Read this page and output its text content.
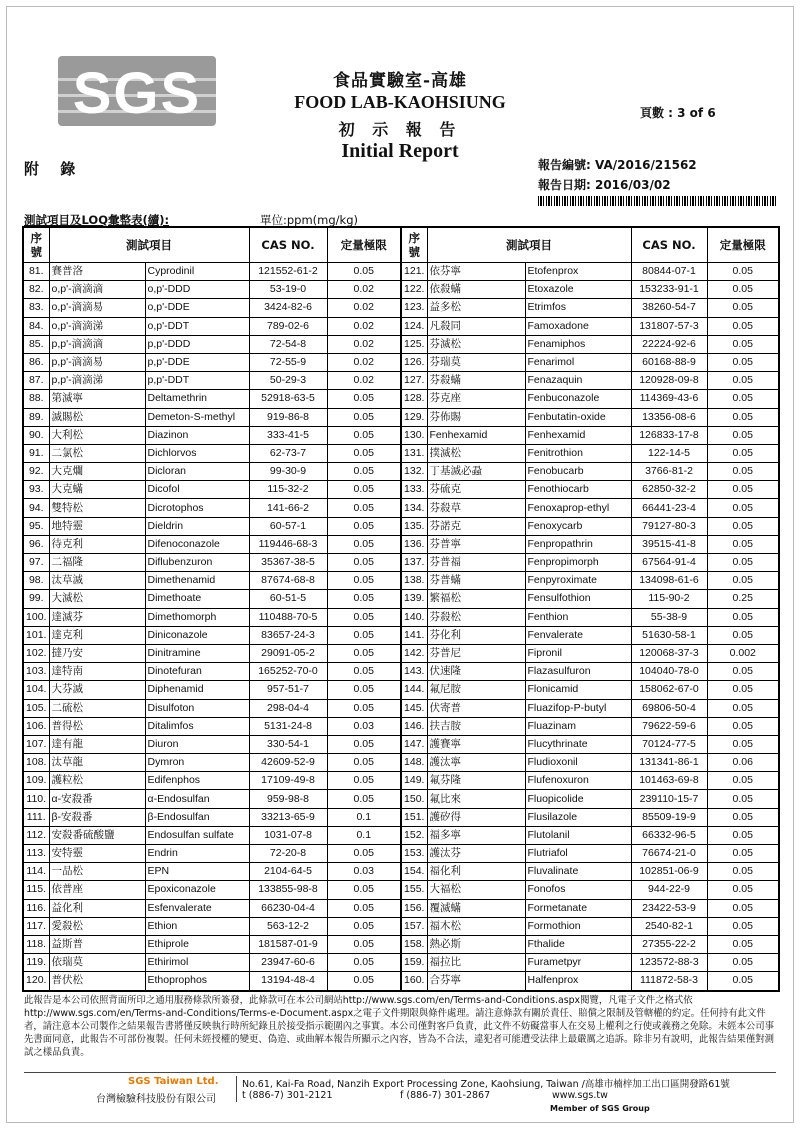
SGS	食品實驗室-高雄
FOOD LAB-KAOHSIUNG
初 示 報 告
Initial Report
頁數 : 3 of 6
附 錄	報告編號: VA/2016/21562
報告日期: 2016/03/02
測試項目及LOQ彙整表(續):	單位:ppm(mg/kg)
序號	測試項目		CAS NO.	定量極限	序號	測試項目		CAS NO.	定量極限
81.	賽普洛	Cyprodinil	121552-61-2	0.05	121.	依芬寧	Etofenprox	80844-07-1	0.05
82.	o,p'-滴滴滴	o,p'-DDD	53-19-0	0.02	122.	依殺蟎	Etoxazole	153233-91-1	0.05
83.	o,p'-滴滴易	o,p'-DDE	3424-82-6	0.02	123.	益多松	Etrimfos	38260-54-7	0.05
84.	o,p'-滴滴涕	o,p'-DDT	789-02-6	0.02	124.	凡殺同	Famoxadone	131807-57-3	0.05
85.	p,p'-滴滴滴	p,p'-DDD	72-54-8	0.02	125.	芬滅松	Fenamiphos	22224-92-6	0.05
86.	p,p'-滴滴易	p,p'-DDE	72-55-9	0.02	126.	芬瑞莫	Fenarimol	60168-88-9	0.05
87.	p,p'-滴滴涕	p,p'-DDT	50-29-3	0.02	127.	芬殺蟎	Fenazaquin	120928-09-8	0.05
88.	第滅寧	Deltamethrin	52918-63-5	0.05	128.	芬克座	Fenbuconazole	114369-43-6	0.05
89.	滅賜松	Demeton-S-methyl	919-86-8	0.05	129.	芬佈賜	Fenbutatin-oxide	13356-08-6	0.05
90.	大利松	Diazinon	333-41-5	0.05	130.	Fenhexamid	Fenhexamid	126833-17-8	0.05
91.	二氯松	Dichlorvos	62-73-7	0.05	131.	撲滅松	Fenitrothion	122-14-5	0.05
92.	大克爛	Dicloran	99-30-9	0.05	132.	丁基滅必蝨	Fenobucarb	3766-81-2	0.05
93.	大克蟎	Dicofol	115-32-2	0.05	133.	芬硫克	Fenothiocarb	62850-32-2	0.05
94.	雙特松	Dicrotophos	141-66-2	0.05	134.	芬殺草	Fenoxaprop-ethyl	66441-23-4	0.05
95.	地特靈	Dieldrin	60-57-1	0.05	135.	芬諾克	Fenoxycarb	79127-80-3	0.05
96.	待克利	Difenoconazole	119446-68-3	0.05	136.	芬普寧	Fenpropathrin	39515-41-8	0.05
97.	二福隆	Diflubenzuron	35367-38-5	0.05	137.	芬普福	Fenpropimorph	67564-91-4	0.05
98.	汰草滅	Dimethenamid	87674-68-8	0.05	138.	芬普蟎	Fenpyroximate	134098-61-6	0.05
99.	大滅松	Dimethoate	60-51-5	0.05	139.	繁福松	Fensulfothion	115-90-2	0.25
100.	達滅芬	Dimethomorph	110488-70-5	0.05	140.	芬殺松	Fenthion	55-38-9	0.05
101.	達克利	Diniconazole	83657-24-3	0.05	141.	芬化利	Fenvalerate	51630-58-1	0.05
102.	撻乃安	Dinitramine	29091-05-2	0.05	142.	芬普尼	Fipronil	120068-37-3	0.002
103.	達特南	Dinotefuran	165252-70-0	0.05	143.	伏速隆	Flazasulfuron	104040-78-0	0.05
104.	大芬滅	Diphenamid	957-51-7	0.05	144.	氟尼胺	Flonicamid	158062-67-0	0.05
105.	二硫松	Disulfoton	298-04-4	0.05	145.	伏寄普	Fluazifop-P-butyl	69806-50-4	0.05
106.	普得松	Ditalimfos	5131-24-8	0.03	146.	扶吉胺	Fluazinam	79622-59-6	0.05
107.	達有龍	Diuron	330-54-1	0.05	147.	護賽寧	Flucythrinate	70124-77-5	0.05
108.	汰草龍	Dymron	42609-52-9	0.05	148.	護汰寧	Fludioxonil	131341-86-1	0.06
109.	護粒松	Edifenphos	17109-49-8	0.05	149.	氟芬隆	Flufenoxuron	101463-69-8	0.05
110.	α-安殺番	α-Endosulfan	959-98-8	0.05	150.	氟比來	Fluopicolide	239110-15-7	0.05
111.	β-安殺番	β-Endosulfan	33213-65-9	0.1	151.	護矽得	Flusilazole	85509-19-9	0.05
112.	安殺番硫酸鹽	Endosulfan sulfate	1031-07-8	0.1	152.	福多寧	Flutolanil	66332-96-5	0.05
113.	安特靈	Endrin	72-20-8	0.05	153.	護汰芬	Flutriafol	76674-21-0	0.05
114.	一品松	EPN	2104-64-5	0.03	154.	福化利	Fluvalinate	102851-06-9	0.05
115.	依普座	Epoxiconazole	133855-98-8	0.05	155.	大福松	Fonofos	944-22-9	0.05
116.	益化利	Esfenvalerate	66230-04-4	0.05	156.	覆滅蟎	Formetanate	23422-53-9	0.05
117.	愛殺松	Ethion	563-12-2	0.05	157.	福木松	Formothion	2540-82-1	0.05
118.	益斯普	Ethiprole	181587-01-9	0.05	158.	熱必斯	Fthalide	27355-22-2	0.05
119.	依瑞莫	Ethirimol	23947-60-6	0.05	159.	福拉比	Furametpyr	123572-88-3	0.05
120.	普伏松	Ethoprophos	13194-48-4	0.05	160.	合芬寧	Halfenprox	111872-58-3	0.05
此報告是本公司依照背面所印之通用服務條款所簽發，此條款可在本公司網站http://www.sgs.com/en/Terms-and-Conditions.aspx閱覽，凡電子文件之格式依http://www.sgs.com/en/Terms-and-Conditions/Terms-e-Document.aspx之電子文件期限與條件處理。請注意條款有關於責任、賠償之限制及管轄權的約定。任何持有此文件者，請注意本公司製作之結果報告書將僅反映執行時所紀錄且於接受指示範圍內之事實。本公司僅對客戶負責，此文件不妨礙當事人在交易上權利之行使或義務之免除。未經本公司事先書面同意，此報告不可部份複製。任何未經授權的變更、偽造、或曲解本報告所顯示之內容，皆為不合法，違犯者可能遭受法律上最嚴厲之追訴。除非另有說明，此報告結果僅對測試之樣品負責。
SGS Taiwan Ltd.
台灣檢驗科技股份有限公司
No.61, Kai-Fa Road, Nanzih Export Processing Zone, Kaohsiung, Taiwan /高雄市楠梓加工出口區開發路61號
t (886-7) 301-2121	f (886-7) 301-2867	www.sgs.tw
Member of SGS Group
